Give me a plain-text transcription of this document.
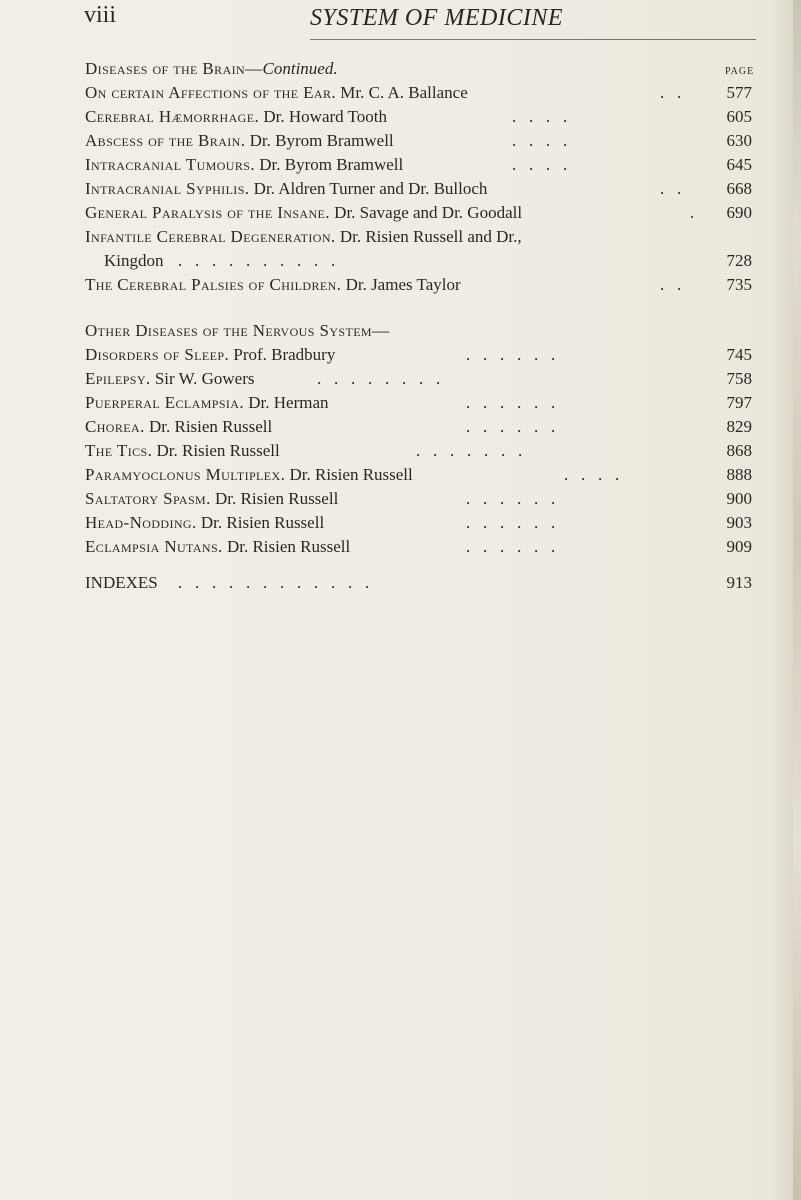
viii	SYSTEM OF MEDICINE
PAGE
Diseases of the Brain—Continued.
On certain Affections of the Ear. Mr. C. A. Ballance	.   .	577
Cerebral Hæmorrhage. Dr. Howard Tooth	.   .   .   .	605
Abscess of the Brain. Dr. Byrom Bramwell	.   .   .   .	630
Intracranial Tumours. Dr. Byrom Bramwell	.   .   .   .	645
Intracranial Syphilis. Dr. Aldren Turner and Dr. Bulloch	.   .	668
General Paralysis of the Insane. Dr. Savage and Dr. Goodall	. 690
Infantile Cerebral Degeneration. Dr. Risien Russell and Dr.,
Kingdon .   .   .   .   .   .   .   .   .   .	728
The Cerebral Palsies of Children. Dr. James Taylor	.   .	735
Other Diseases of the Nervous System—
Disorders of Sleep. Prof. Bradbury	.   .   .   .   .   .	745
Epilepsy. Sir W. Gowers	.   .   .   .   .   .   .   .	758
Puerperal Eclampsia. Dr. Herman	.   .   .   .   .   .	797
Chorea. Dr. Risien Russell	.   .   .   .   .   .	829
The Tics. Dr. Risien Russell	.   .   .   .   .   .   .	868
Paramyoclonus Multiplex. Dr. Risien Russell	.   .   .   .	888
Saltatory Spasm. Dr. Risien Russell	.   .   .   .   .   .	900
Head-Nodding. Dr. Risien Russell	.   .   .   .   .   .	903
Eclampsia Nutans. Dr. Risien Russell	.   .   .   .   .   .	909
INDEXES .   .   .   .   .   .   .   .   .   .   .   .	913
